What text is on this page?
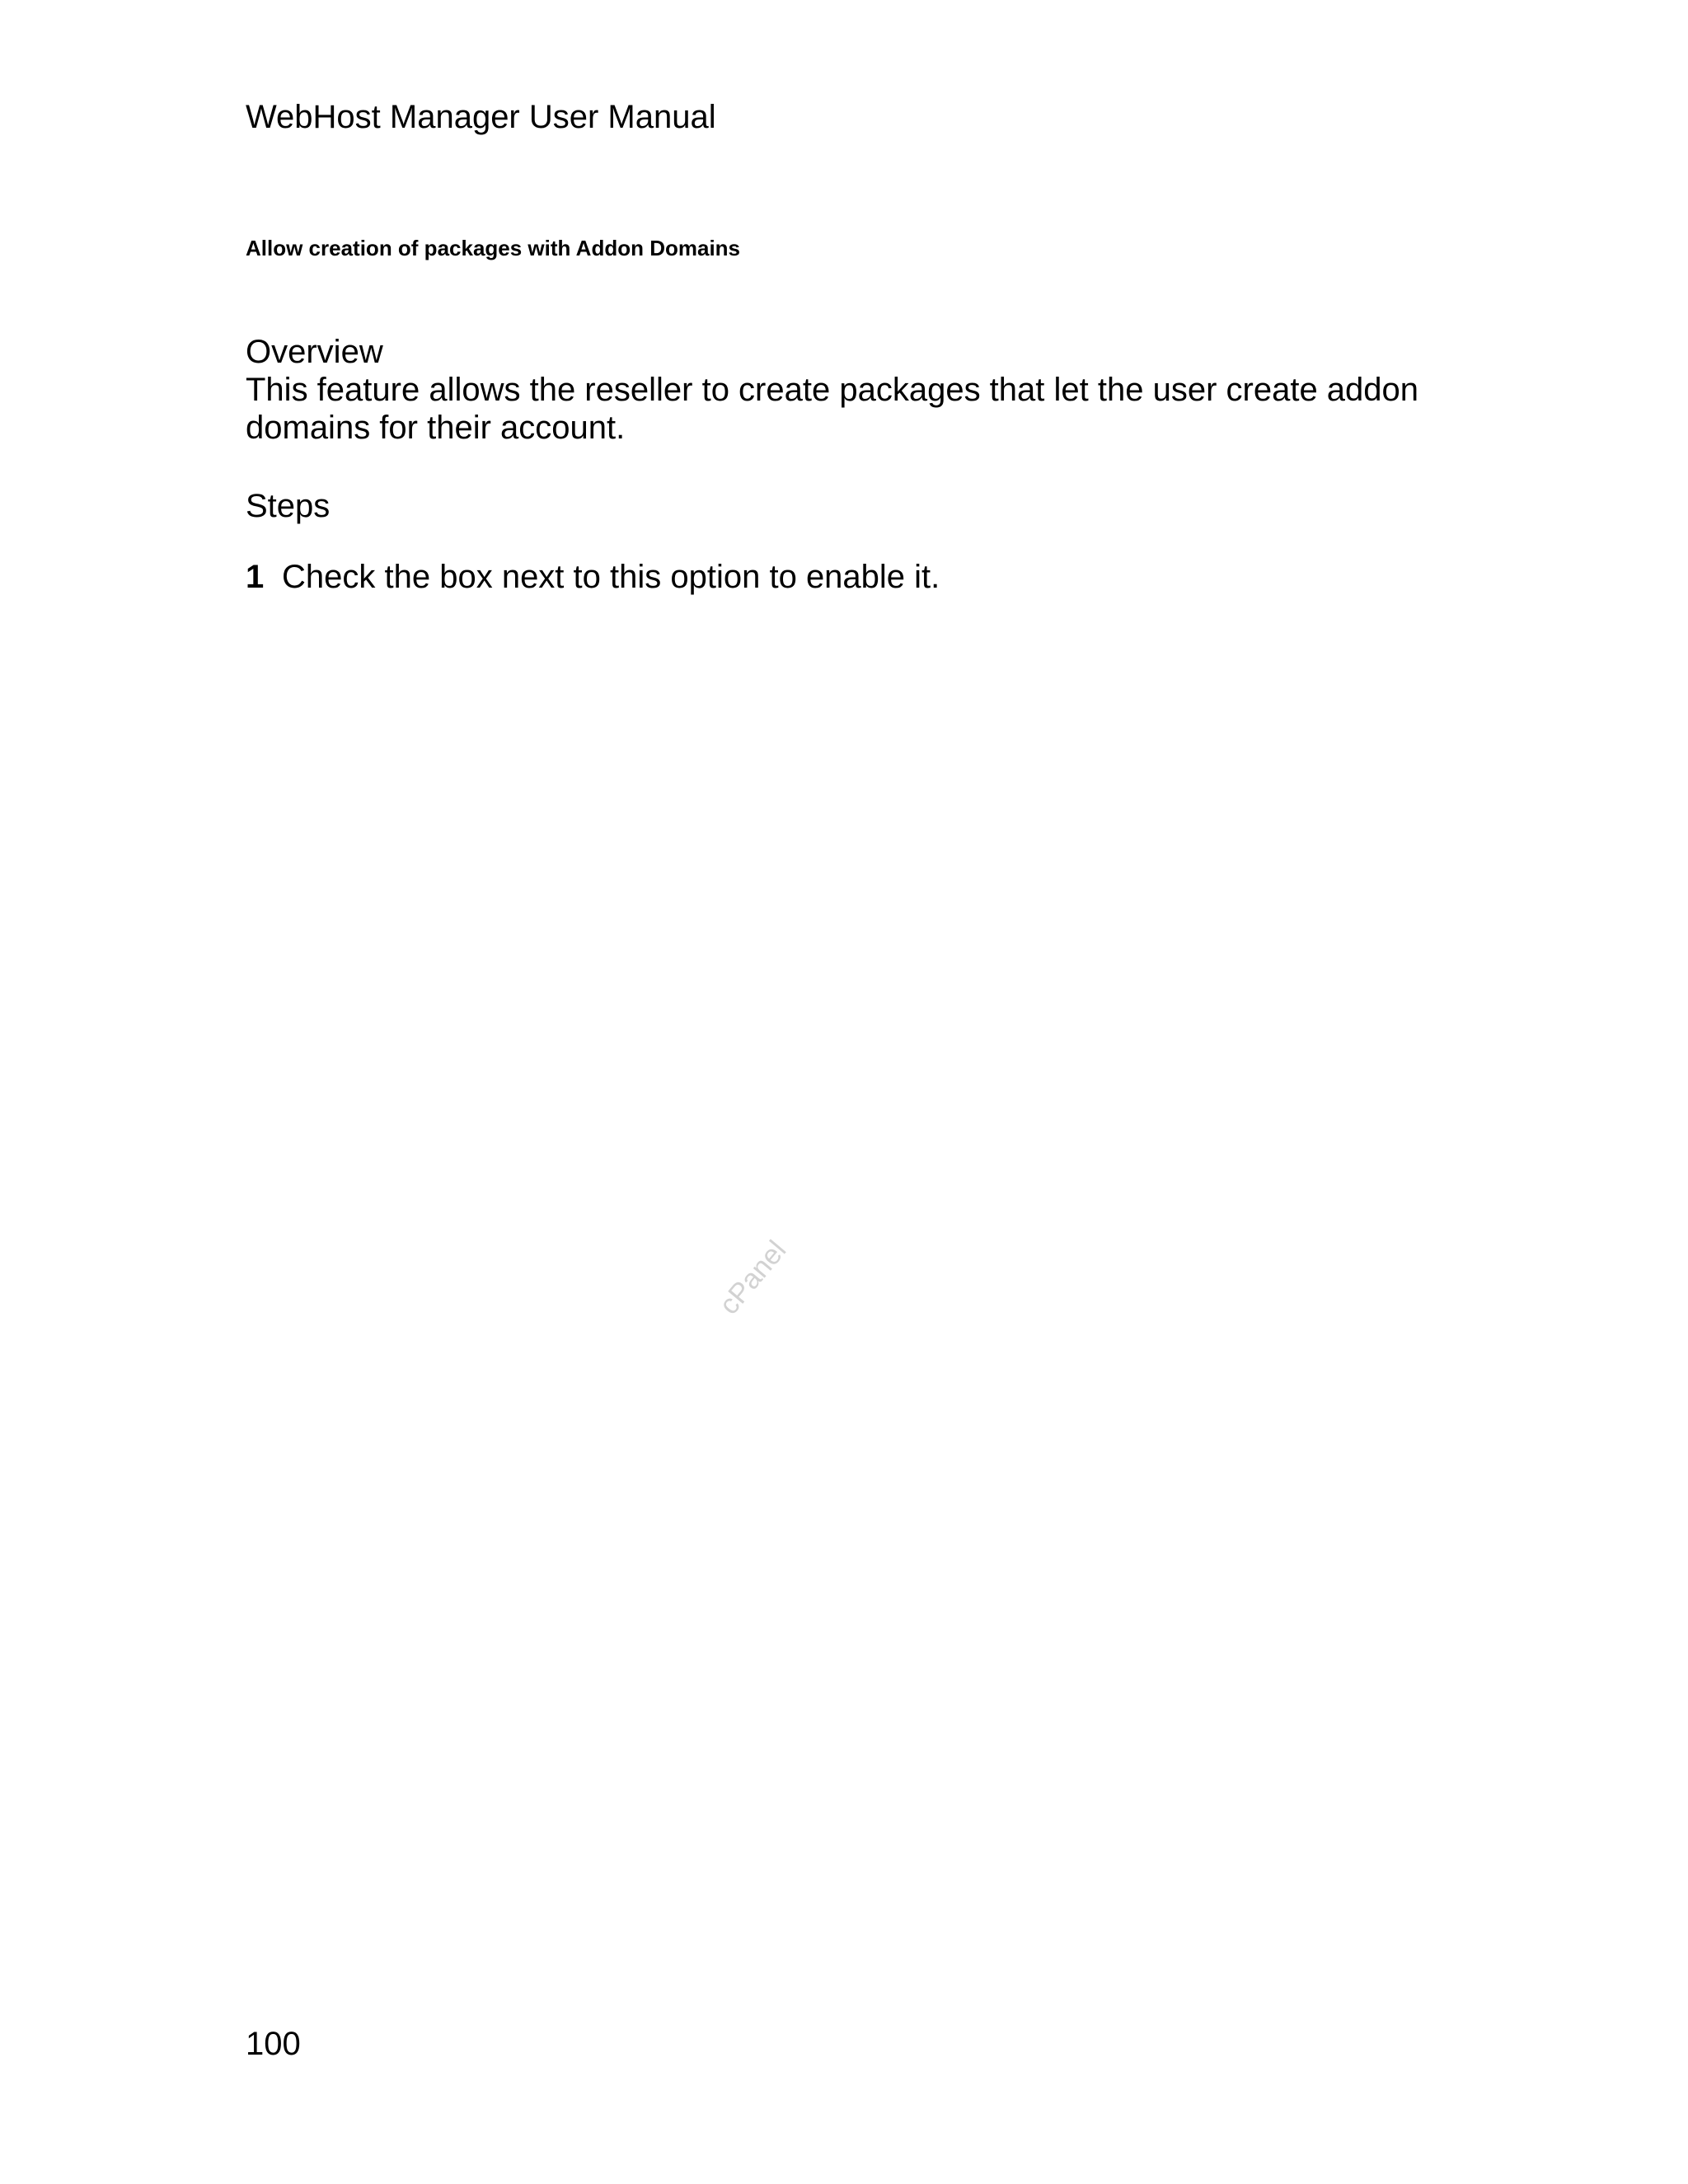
WebHost Manager User Manual
Allow creation of packages with Addon Domains
Overview

This feature allows the reseller to create packages that let the user create addon domains for their account.

Steps
1 Check the box next to this option to enable it.
cPanel
100
